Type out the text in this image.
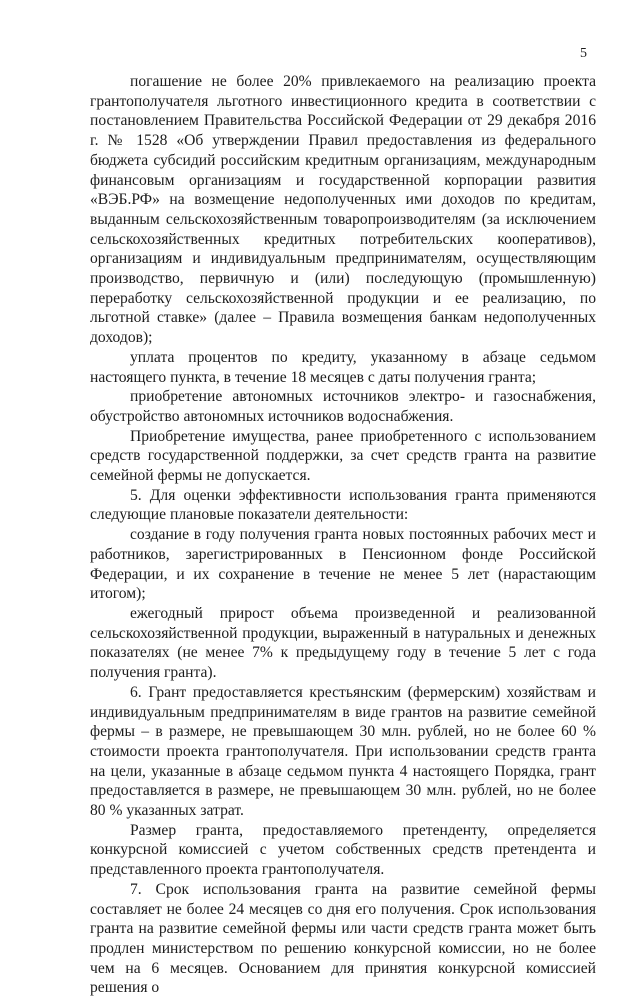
5

погашение не более 20% привлекаемого на реализацию проекта грантополучателя льготного инвестиционного кредита в соответствии с постановлением Правительства Российской Федерации от 29 декабря 2016 г. № 1528 «Об утверждении Правил предоставления из федерального бюджета субсидий российским кредитным организациям, международным финансовым организациям и государственной корпорации развития «ВЭБ.РФ» на возмещение недополученных ими доходов по кредитам, выданным сельскохозяйственным товаропроизводителям (за исключением сельскохозяйственных кредитных потребительских кооперативов), организациям и индивидуальным предпринимателям, осуществляющим производство, первичную и (или) последующую (промышленную) переработку сельскохозяйственной продукции и ее реализацию, по льготной ставке» (далее – Правила возмещения банкам недополученных доходов);

уплата процентов по кредиту, указанному в абзаце седьмом настоящего пункта, в течение 18 месяцев с даты получения гранта;

приобретение автономных источников электро- и газоснабжения, обустройство автономных источников водоснабжения.

Приобретение имущества, ранее приобретенного с использованием средств государственной поддержки, за счет средств гранта на развитие семейной фермы не допускается.

5. Для оценки эффективности использования гранта применяются следующие плановые показатели деятельности:

создание в году получения гранта новых постоянных рабочих мест и работников, зарегистрированных в Пенсионном фонде Российской Федерации, и их сохранение в течение не менее 5 лет (нарастающим итогом);

ежегодный прирост объема произведенной и реализованной сельскохозяйственной продукции, выраженный в натуральных и денежных показателях (не менее 7% к предыдущему году в течение 5 лет с года получения гранта).

6. Грант предоставляется крестьянским (фермерским) хозяйствам и индивидуальным предпринимателям в виде грантов на развитие семейной фермы – в размере, не превышающем 30 млн. рублей, но не более 60 % стоимости проекта грантополучателя. При использовании средств гранта на цели, указанные в абзаце седьмом пункта 4 настоящего Порядка, грант предоставляется в размере, не превышающем 30 млн. рублей, но не более 80 % указанных затрат.

Размер гранта, предоставляемого претенденту, определяется конкурсной комиссией с учетом собственных средств претендента и представленного проекта грантополучателя.

7. Срок использования гранта на развитие семейной фермы составляет не более 24 месяцев со дня его получения. Срок использования гранта на развитие семейной фермы или части средств гранта может быть продлен министерством по решению конкурсной комиссии, но не более чем на 6 месяцев. Основанием для принятия конкурсной комиссией решения о
